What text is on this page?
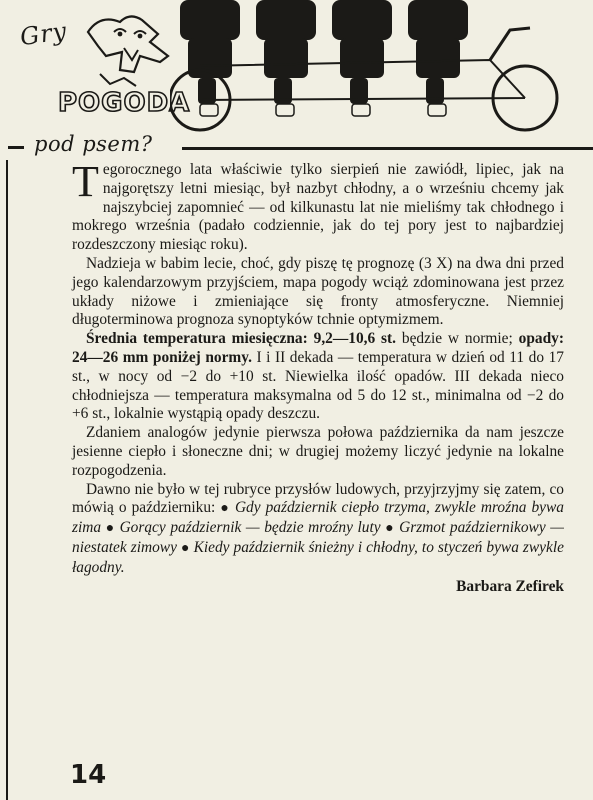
Gry
POGODA
pod psem?

Tegorocznego lata właściwie tylko sierpień nie zawiódł, lipiec, jak na najgorętszy letni miesiąc, był nazbyt chłodny, a o wrześniu chcemy jak najszybciej zapomnieć — od kilkunastu lat nie mieliśmy tak chłodnego i mokrego września (padało codziennie, jak do tej pory jest to najbardziej rozdeszczony miesiąc roku).

Nadzieja w babim lecie, choć, gdy piszę tę prognozę (3 X) na dwa dni przed jego kalendarzowym przyjściem, mapa pogody wciąż zdominowana jest przez układy niżowe i zmieniające się fronty atmosferyczne. Niemniej długoterminowa prognoza synoptyków tchnie optymizmem.

Średnia temperatura miesięczna: 9,2—10,6 st. będzie w normie; opady: 24—26 mm poniżej normy. I i II dekada — temperatura w dzień od 11 do 17 st., w nocy od −2 do +10 st. Niewielka ilość opadów. III dekada nieco chłodniejsza — temperatura maksymalna od 5 do 12 st., minimalna od −2 do +6 st., lokalnie wystąpią opady deszczu.

Zdaniem analogów jedynie pierwsza połowa października da nam jeszcze jesienne ciepło i słoneczne dni; w drugiej możemy liczyć jedynie na lokalne rozpogodzenia.

Dawno nie było w tej rubryce przysłów ludowych, przyjrzyjmy się zatem, co mówią o październiku: ● Gdy październik ciepło trzyma, zwykle mroźna bywa zima ● Gorący październik — będzie mroźny luty ● Grzmot październikowy — niestatek zimowy ● Kiedy październik śnieżny i chłodny, to styczeń bywa zwykle łagodny.

Barbara Zefirek

14
